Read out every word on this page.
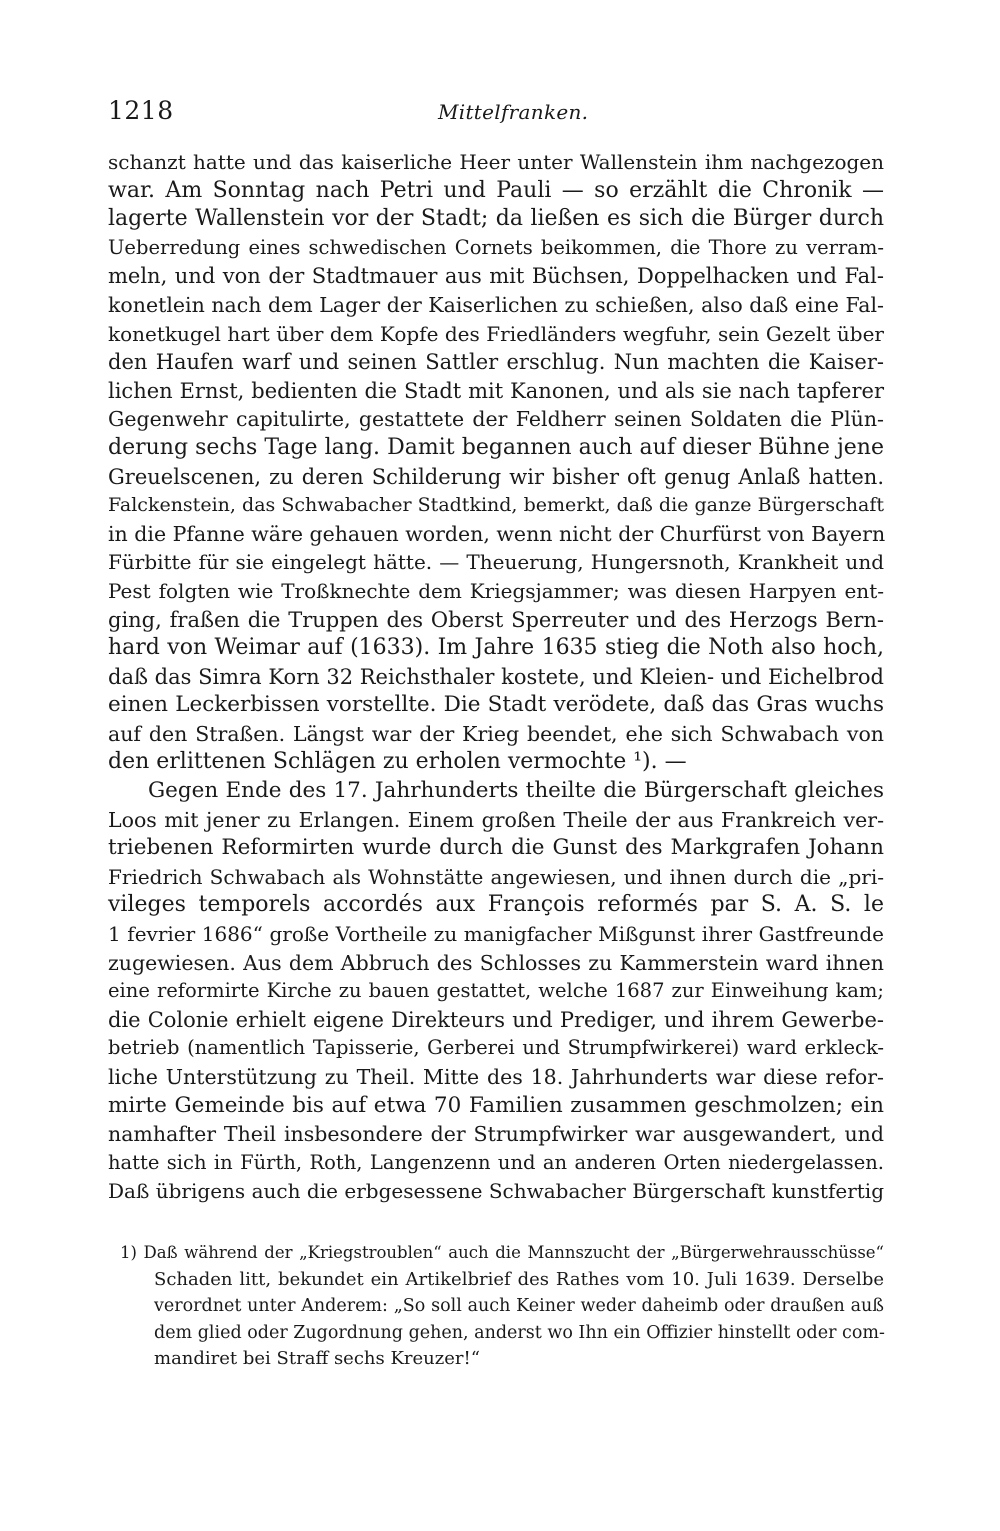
1218	Mittelfranken.
schanzt hatte und das kaiserliche Heer unter Wallenstein ihm nachgezogen
war. Am Sonntag nach Petri und Pauli — so erzählt die Chronik —
lagerte Wallenstein vor der Stadt; da ließen es sich die Bürger durch
Ueberredung eines schwedischen Cornets beikommen, die Thore zu verram-
meln, und von der Stadtmauer aus mit Büchsen, Doppelhacken und Fal-
konetlein nach dem Lager der Kaiserlichen zu schießen, also daß eine Fal-
konetkugel hart über dem Kopfe des Friedländers wegfuhr, sein Gezelt über
den Haufen warf und seinen Sattler erschlug. Nun machten die Kaiser-
lichen Ernst, bedienten die Stadt mit Kanonen, und als sie nach tapferer
Gegenwehr capitulirte, gestattete der Feldherr seinen Soldaten die Plün-
derung sechs Tage lang. Damit begannen auch auf dieser Bühne jene
Greuelscenen, zu deren Schilderung wir bisher oft genug Anlaß hatten.
Falckenstein, das Schwabacher Stadtkind, bemerkt, daß die ganze Bürgerschaft
in die Pfanne wäre gehauen worden, wenn nicht der Churfürst von Bayern
Fürbitte für sie eingelegt hätte. — Theuerung, Hungersnoth, Krankheit und
Pest folgten wie Troßknechte dem Kriegsjammer; was diesen Harpyen ent-
ging, fraßen die Truppen des Oberst Sperreuter und des Herzogs Bern-
hard von Weimar auf (1633). Im Jahre 1635 stieg die Noth also hoch,
daß das Simra Korn 32 Reichsthaler kostete, und Kleien- und Eichelbrod
einen Leckerbissen vorstellte. Die Stadt verödete, daß das Gras wuchs
auf den Straßen. Längst war der Krieg beendet, ehe sich Schwabach von
den erlittenen Schlägen zu erholen vermochte ¹). —
Gegen Ende des 17. Jahrhunderts theilte die Bürgerschaft gleiches
Loos mit jener zu Erlangen. Einem großen Theile der aus Frankreich ver-
triebenen Reformirten wurde durch die Gunst des Markgrafen Johann
Friedrich Schwabach als Wohnstätte angewiesen, und ihnen durch die „pri-
vileges temporels accordés aux François reformés par S. A. S. le
1 fevrier 1686“ große Vortheile zu manigfacher Mißgunst ihrer Gastfreunde
zugewiesen. Aus dem Abbruch des Schlosses zu Kammerstein ward ihnen
eine reformirte Kirche zu bauen gestattet, welche 1687 zur Einweihung kam;
die Colonie erhielt eigene Direkteurs und Prediger, und ihrem Gewerbe-
betrieb (namentlich Tapisserie, Gerberei und Strumpfwirkerei) ward erkleck-
liche Unterstützung zu Theil. Mitte des 18. Jahrhunderts war diese refor-
mirte Gemeinde bis auf etwa 70 Familien zusammen geschmolzen; ein
namhafter Theil insbesondere der Strumpfwirker war ausgewandert, und
hatte sich in Fürth, Roth, Langenzenn und an anderen Orten niedergelassen.
Daß übrigens auch die erbgesessene Schwabacher Bürgerschaft kunstfertig
1) Daß während der „Kriegstroublen“ auch die Mannszucht der „Bürgerwehrausschüsse“
Schaden litt, bekundet ein Artikelbrief des Rathes vom 10. Juli 1639. Derselbe
verordnet unter Anderem: „So soll auch Keiner weder daheimb oder draußen auß
dem glied oder Zugordnung gehen, anderst wo Ihn ein Offizier hinstellt oder com-
mandiret bei Straff sechs Kreuzer!“
